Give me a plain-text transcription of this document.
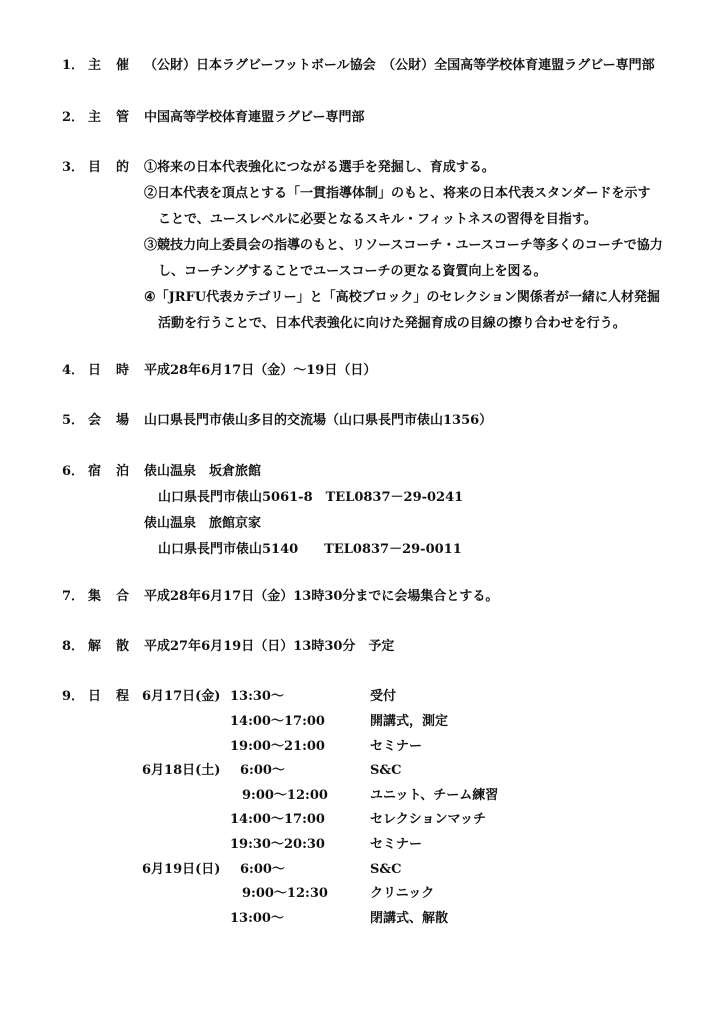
1． 主 催 （公財）日本ラグビーフットボール協会　（公財）全国高等学校体育連盟ラグビー専門部
2． 主 管 中国高等学校体育連盟ラグビー専門部
3． 目 的 ①将来の日本代表強化につながる選手を発掘し、育成する。
②日本代表を頂点とする「一貫指導体制」のもと、将来の日本代表スタンダードを示す
ことで、ユースレベルに必要となるスキル・フィットネスの習得を目指す。
③競技力向上委員会の指導のもと、リソースコーチ・ユースコーチ等多くのコーチで協力
し、コーチングすることでユースコーチの更なる資質向上を図る。
④「JRFU代表カテゴリー」と「高校ブロック」のセレクション関係者が一緒に人材発掘
活動を行うことで、日本代表強化に向けた発掘育成の目線の擦り合わせを行う。
4． 日 時 平成28年6月17日（金）～19日（日）
5． 会 場 山口県長門市俵山多目的交流場（山口県長門市俵山1356）
6． 宿 泊 俵山温泉　坂倉旅館
山口県長門市俵山5061-8　TEL0837－29-0241
俵山温泉　旅館京家
山口県長門市俵山5140　　TEL0837－29-0011
7． 集 合 平成28年6月17日（金）13時30分までに会場集合とする。
8． 解 散 平成27年6月19日（日）13時30分　予定
9． 日 程 6月17日(金) 13:30～	受付
14:00～17:00	開講式，測定
19:00～21:00	セミナー
6月18日(土) 6:00～	S&C
9:00～12:00	ユニット、チーム練習
14:00～17:00	セレクションマッチ
19:30～20:30	セミナー
6月19日(日) 6:00～	S&C
9:00～12:30	クリニック
13:00～	閉講式、解散
